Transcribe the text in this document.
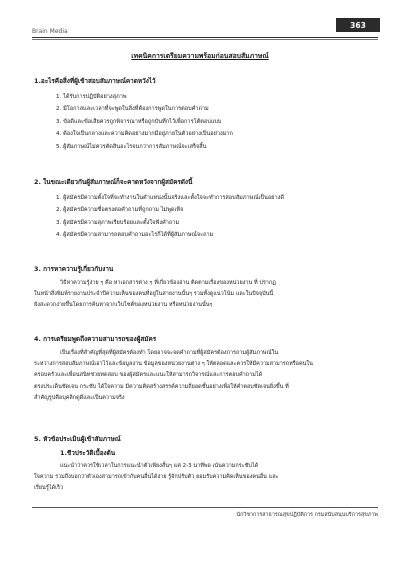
Brain Media
363
เทคนิคการเตรียมความพร้อมก่อนสอบสัมภาษณ์
1.อะไรคือสิ่งที่ผู้เข้าสอบสัมภาษณ์คาดหวังไว้
1. ได้รับการปฏิบัติอย่างสุภาพ
2. มีโอกาสและเวลาที่จะพูดในสิ่งที่ต้องการพูดในการตอบคำถาม
3. ข้อดีและข้อเสียควรถูกพิจารณาหรือถูกบันทึกไว้เพื่อการโต้ตอบแบบ
4. ต้องใจเป็นกลางและความคิดอย่างมากมีอยู่ภายในตัวอย่างเป็นอย่างมาก
5. ผู้สัมภาษณ์ไม่ควรตัดสินอะไรจนกว่าการสัมภาษณ์จะเสร็จสิ้น
2. ในขณะเดียวกันผู้สัมภาษณ์ก็จะคาดหวังจากผู้สมัครดังนี้
1. ผู้สมัครมีความตั้งใจที่จะทำงานในตำแหน่งนั้นจริงและตั้งใจจะทำการสอบสัมภาษณ์เป็นอย่างดี
2. ผู้สมัครมีความซื่อตรงต่อคำถามที่ถูกถาม ไม่พูดเท็จ
3. ผู้สมัครมีความสุภาพเรียบร้อยและตั้งใจฟังคำถาม
4. ผู้สมัครมีความสามารถตอบคำถามอะไรก็ได้ที่ผู้สัมภาษณ์จะถาม
3. การหาความรู้เกี่ยวกับงาน
วิธีหาความรู้ง่าย ๆ คือ หาเอกสารต่าง ๆ ที่เกี่ยวข้องอ่าน ติดตามเรื่องของหน่วยงาน ที่ ปรากฏ
ในหน้าสิ่งพิมพ์รายงานประจำปีความเห็นของคนที่อยู่ในสายงานนั้นๆ รวมทั้งดูแนวโน้ม และในปัจจุบันนี้
ยังสะดวกง่ายขึ้นโดยการค้นหาจากเว็บไซต์ของหน่วยงาน หรือหน่วยงานนั้นๆ
4. การเตรียมพูดถึงความสามารถของผู้สมัคร
เป็นเรื่องที่สำคัญที่สุดที่ผู้สมัครต้องทำ โดยอาจจะจดคำถามที่ผู้สมัครต้องการถามผู้สัมภาษณ์ใน
ระหว่างการสอบสัมภาษณ์เอาไว้และข้อมูลงาน ข้อมูลของหน่วยงานต่าง ๆ ให้ตลอดและควรให้มีความสามารถหรือคนใน
ครอบครัวและเพื่อนสนิทช่วยทดสอบ ของผู้สมัครและแนะให้สามารถวิจารณ์และการตอบคำถามได้
ตรงประเด็นชัดเจน กระชับ ได้ใจความ มีความคิดสร้างสรรค์ความถี่ยอดชั้นอย่างเพื่อให้คำตอบชัดเจนยิ่งขึ้น ที่
สำคัญรูปคือบุคลิกดูดีและเป็นความจริง
5. หัวข้อประเมินผู้เข้าสัมภาษณ์
1.ชีวประวัติเบื้องต้น
แนะนำว่าควรใช้เวลาในการแนะนำตัวเพียงสั้นๆ แค่ 2-3 นาทีพอ เน้นความกระชับได้
ใจความ รวมถึงบอกว่าตัวเองสามารถเข้ากับคนอื่นได้ง่าย รู้จักปรับตัว ยอมรับความคิดเห็นของคนอื่น และ
เรียนรู้ได้เร็ว
นักวิชาการสาธารณสุขปฏิบัติการ กรมสนับสนุนบริการสุขภาพ
